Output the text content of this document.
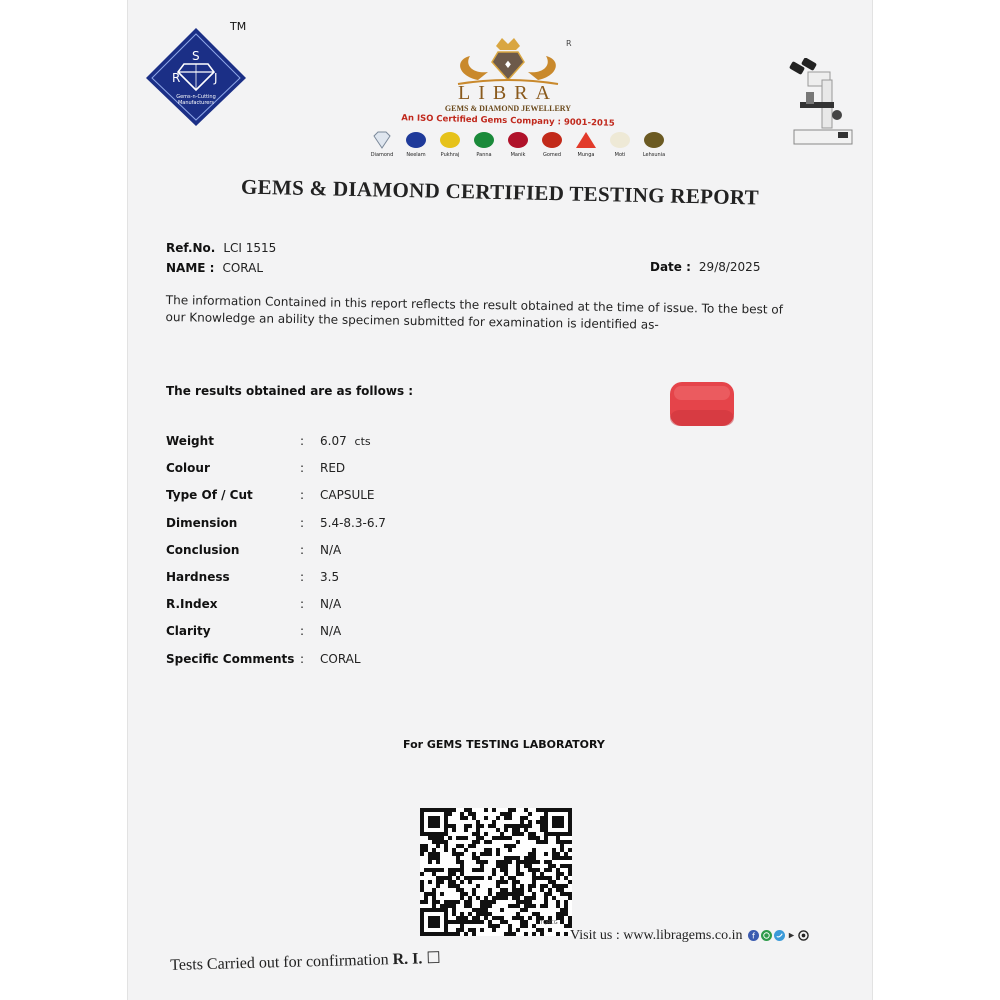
TM
S
R	J
Gems-n-Cutting
Manufacturers
♦
R
LIBRA
GEMS & DIAMOND JEWELLERY
An ISO Certified Gems Company : 9001-2015
Diamond	Neelam	Pukhraj	Panna	Manik	Gomed	Munga	Moti	Lehsunia
GEMS & DIAMOND CERTIFIED TESTING REPORT
Ref.No. LCI 1515
NAME : CORAL	Date : 29/8/2025
The information Contained in this report reflects the result obtained at the time of issue. To the best of our Knowledge an ability the specimen submitted for examination is identified as-
The results obtained are as follows :
Weight	: 6.07 cts
Colour	: RED
Type Of / Cut	: CAPSULE
Dimension	: 5.4-8.3-6.7
Conclusion	: N/A
Hardness	: 3.5
R.Index	: N/A
Clarity	: N/A
Specific Comments : CORAL
For GEMS TESTING LABORATORY
TQRCG
Visit us : www.libragems.co.in f
Tests Carried out for confirmation R. I. ☐
